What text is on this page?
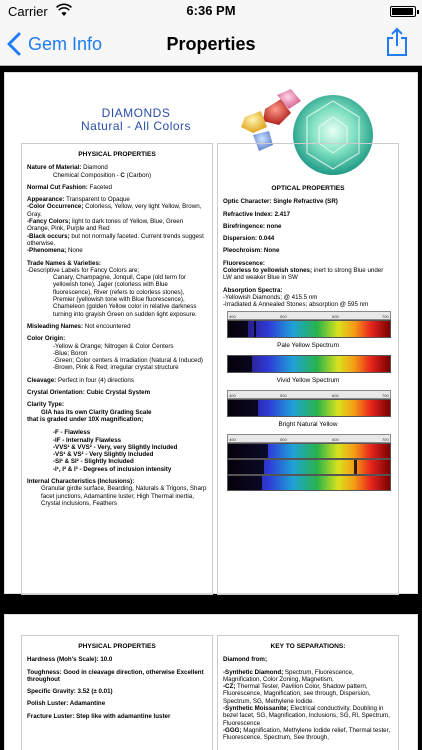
Carrier	6:36 PM
Gem Info	Properties
DIAMONDS
Natural - All Colors
PHYSICAL PROPERTIES
Nature of Material: Diamond
Chemical Composition - C (Carbon)
Normal Cut Fashion: Faceted
Appearance: Transparent to Opaque
-Color Occurrence; Colorless, Yellow, very light Yellow, Brown, Gray.
-Fancy Colors; light to dark tones of Yellow, Blue, Green Orange, Pink, Purple and Red
-Black occurs; but not normally faceted. Current trends suggest otherwise.
-Phenomena; None
Trade Names & Varieties:
-Descriptive Labels for Fancy Colors are;
Canary, Champagne, Jonquil, Cape (old term for yellowish tone), Jager (colorless with Blue fluorescence), River (refers to colorless stones), Premier (yellowish tone with Blue fluorescence), Chameleon (golden Yellow color in relative darkness turning into grayish Green on sudden light exposure.
Misleading Names: Not encountered
Color Origin:
-Yellow & Orange; Nitrogen & Color Centers
-Blue; Boron
-Green; Color centers & Irradiation (Natural & Induced)
-Brown, Pink & Red; irregular crystal structure
Cleavage: Perfect in four (4) directions
Crystal Orientation: Cubic Crystal System
Clarity Type:
GIA has its own Clarity Grading Scale
that is graded under 10X magnification;
-F - Flawless
-IF - Internally Flawless
-VVS¹ & VVS² - Very, very Slightly Included
-VS¹ & VS² - Very Slightly Included
-SI¹ & SI² - Slightly Included
-I¹, I² & I³ - Degrees of inclusion intensity
Internal Characteristics (Inclusions):
Granular girdle surface, Bearding, Naturals & Trigons, Sharp facet junctions, Adamantine luster, High Thermal inertia, Crystal inclusions, Feathers
OPTICAL PROPERTIES
Optic Character: Single Refractive (SR)
Refractive Index: 2.417
Birefringence: none
Dispersion: 0.044
Pleochroism: None
Fluorescence:
Colorless to yellowish stones; inert to strong Blue under LW and weaker Blue in SW
Absorption Spectra:
-Yellowish Diamonds; @ 415.5 nm
-Irradiated & Annealed Stones; absorption @ 595 nm
400	500	600	700
Pale Yellow Spectrum
Vivid Yellow Spectrum
400	500	600	700
Bright Natural Yellow
400	500	600	700
PHYSICAL PROPERTIES
Hardness (Moh's Scale): 10.0
Toughness: Good in cleavage direction, otherwise Excellent throughout
Specific Gravity: 3.52 (± 0.01)
Polish Luster: Adamantine
Fracture Luster: Step like with adamantine luster
KEY TO SEPARATIONS:
Diamond from;
-Synthetic Diamond; Spectrum, Fluorescence, Magnification, Color Zoning, Magnetism,
-CZ; Thermal Tester, Pavilion Color, Shadow pattern, Fluorescence, Magnification, see through, Dispersion, Spectrum, SG, Methylene Iodide.
-Synthetic Moissanite; Electrical conductivity, Doubling in bezel facet, SG, Magnification, Inclusions, SG, RI, Spectrum, Fluorescence
-GGG; Magnification, Methylene Iodide relief, Thermal tester, Fluorescence, Spectrum, See through,
